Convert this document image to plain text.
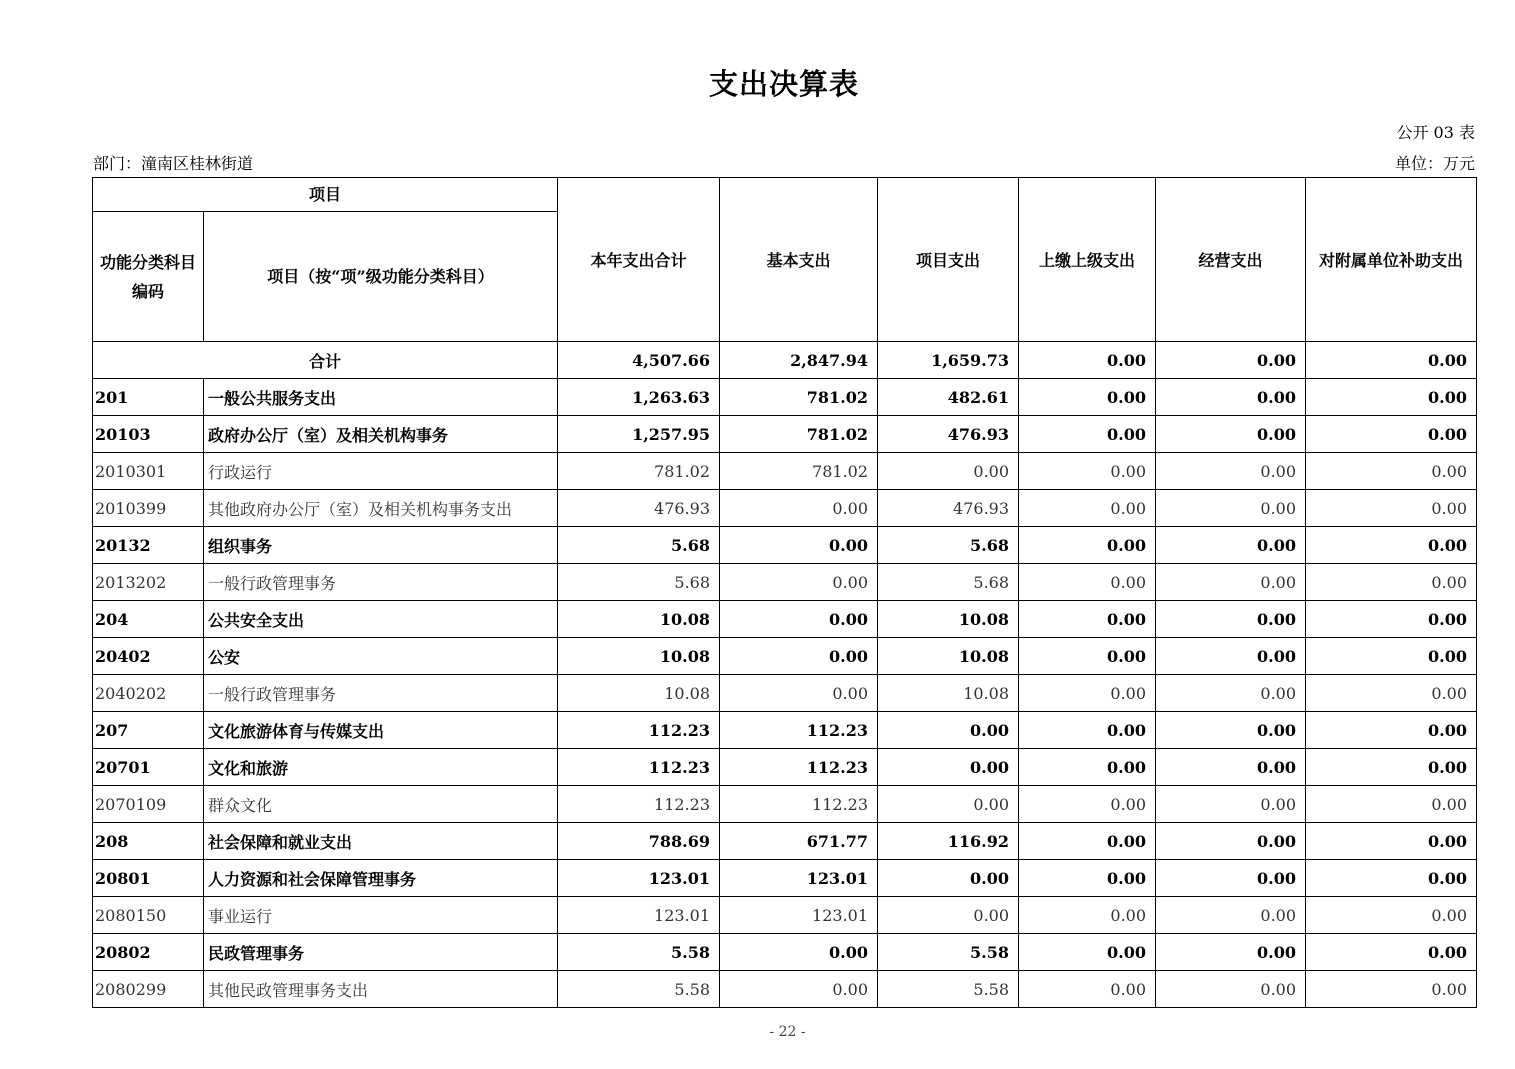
支出决算表
公开 03 表
部门：潼南区桂林街道	单位：万元
项目		本年支出合计	基本支出	项目支出	上缴上级支出	经营支出	对附属单位补助支出
功能分类科目编码	项目（按“项”级功能分类科目）						
合计		4,507.66	2,847.94	1,659.73	0.00	0.00	0.00
201	一般公共服务支出	1,263.63	781.02	482.61	0.00	0.00	0.00
20103	政府办公厅（室）及相关机构事务	1,257.95	781.02	476.93	0.00	0.00	0.00
2010301	行政运行	781.02	781.02	0.00	0.00	0.00	0.00
2010399	其他政府办公厅（室）及相关机构事务支出	476.93	0.00	476.93	0.00	0.00	0.00
20132	组织事务	5.68	0.00	5.68	0.00	0.00	0.00
2013202	一般行政管理事务	5.68	0.00	5.68	0.00	0.00	0.00
204	公共安全支出	10.08	0.00	10.08	0.00	0.00	0.00
20402	公安	10.08	0.00	10.08	0.00	0.00	0.00
2040202	一般行政管理事务	10.08	0.00	10.08	0.00	0.00	0.00
207	文化旅游体育与传媒支出	112.23	112.23	0.00	0.00	0.00	0.00
20701	文化和旅游	112.23	112.23	0.00	0.00	0.00	0.00
2070109	群众文化	112.23	112.23	0.00	0.00	0.00	0.00
208	社会保障和就业支出	788.69	671.77	116.92	0.00	0.00	0.00
20801	人力资源和社会保障管理事务	123.01	123.01	0.00	0.00	0.00	0.00
2080150	事业运行	123.01	123.01	0.00	0.00	0.00	0.00
20802	民政管理事务	5.58	0.00	5.58	0.00	0.00	0.00
2080299	其他民政管理事务支出	5.58	0.00	5.58	0.00	0.00	0.00
- 22 -
